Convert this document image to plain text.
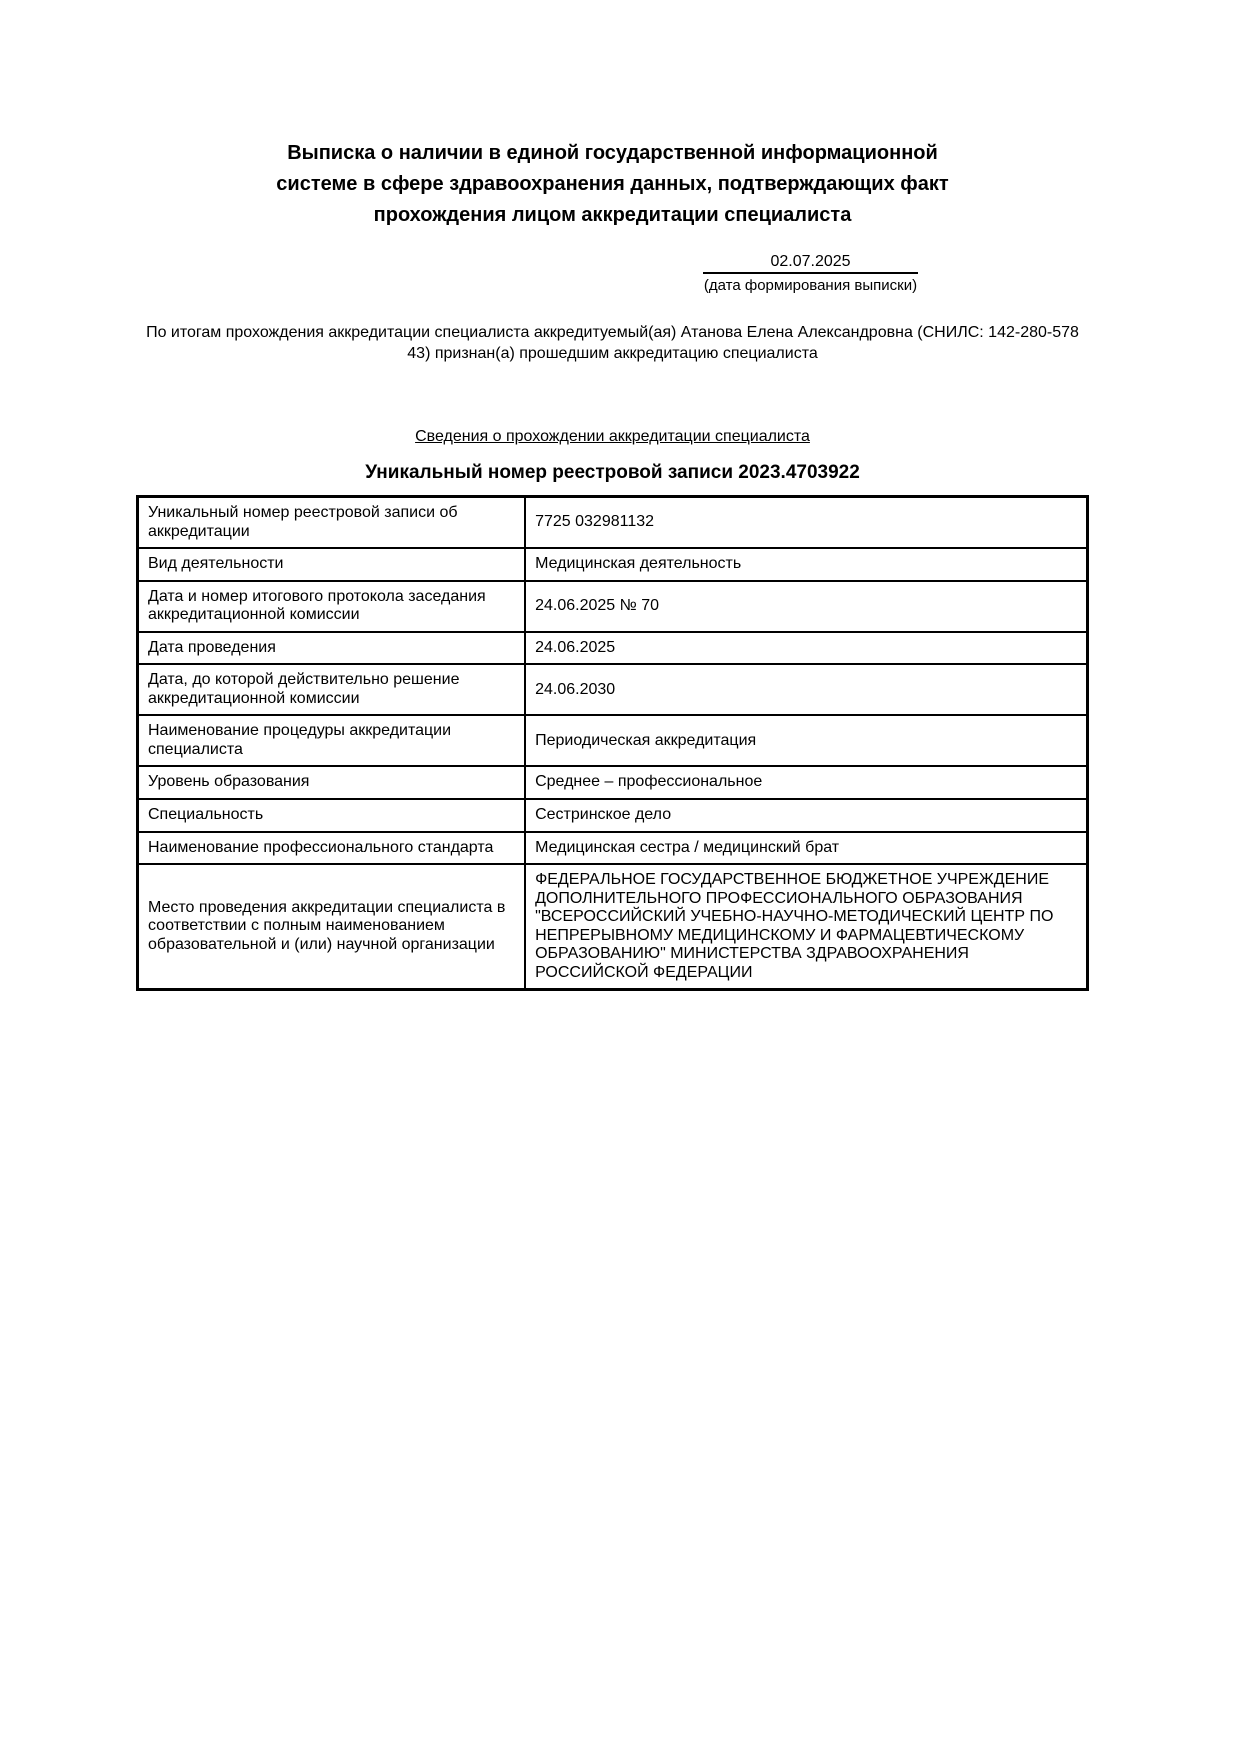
Выписка о наличии в единой государственной информационной системе в сфере здравоохранения данных, подтверждающих факт прохождения лицом аккредитации специалиста
02.07.2025
(дата формирования выписки)
По итогам прохождения аккредитации специалиста аккредитуемый(ая) Атанова Елена Александровна (СНИЛС: 142-280-578 43) признан(а) прошедшим аккредитацию специалиста
Сведения о прохождении аккредитации специалиста
Уникальный номер реестровой записи 2023.4703922
Уникальный номер реестровой записи об аккредитации	7725 032981132
Вид деятельности	Медицинская деятельность
Дата и номер итогового протокола заседания аккредитационной комиссии	24.06.2025 № 70
Дата проведения	24.06.2025
Дата, до которой действительно решение аккредитационной комиссии	24.06.2030
Наименование процедуры аккредитации специалиста	Периодическая аккредитация
Уровень образования	Среднее – профессиональное
Специальность	Сестринское дело
Наименование профессионального стандарта	Медицинская сестра / медицинский брат
Место проведения аккредитации специалиста в соответствии с полным наименованием образовательной и (или) научной организации	ФЕДЕРАЛЬНОЕ ГОСУДАРСТВЕННОЕ БЮДЖЕТНОЕ УЧРЕЖДЕНИЕ ДОПОЛНИТЕЛЬНОГО ПРОФЕССИОНАЛЬНОГО ОБРАЗОВАНИЯ "ВСЕРОССИЙСКИЙ УЧЕБНО-НАУЧНО-МЕТОДИЧЕСКИЙ ЦЕНТР ПО НЕПРЕРЫВНОМУ МЕДИЦИНСКОМУ И ФАРМАЦЕВТИЧЕСКОМУ ОБРАЗОВАНИЮ" МИНИСТЕРСТВА ЗДРАВООХРАНЕНИЯ РОССИЙСКОЙ ФЕДЕРАЦИИ
